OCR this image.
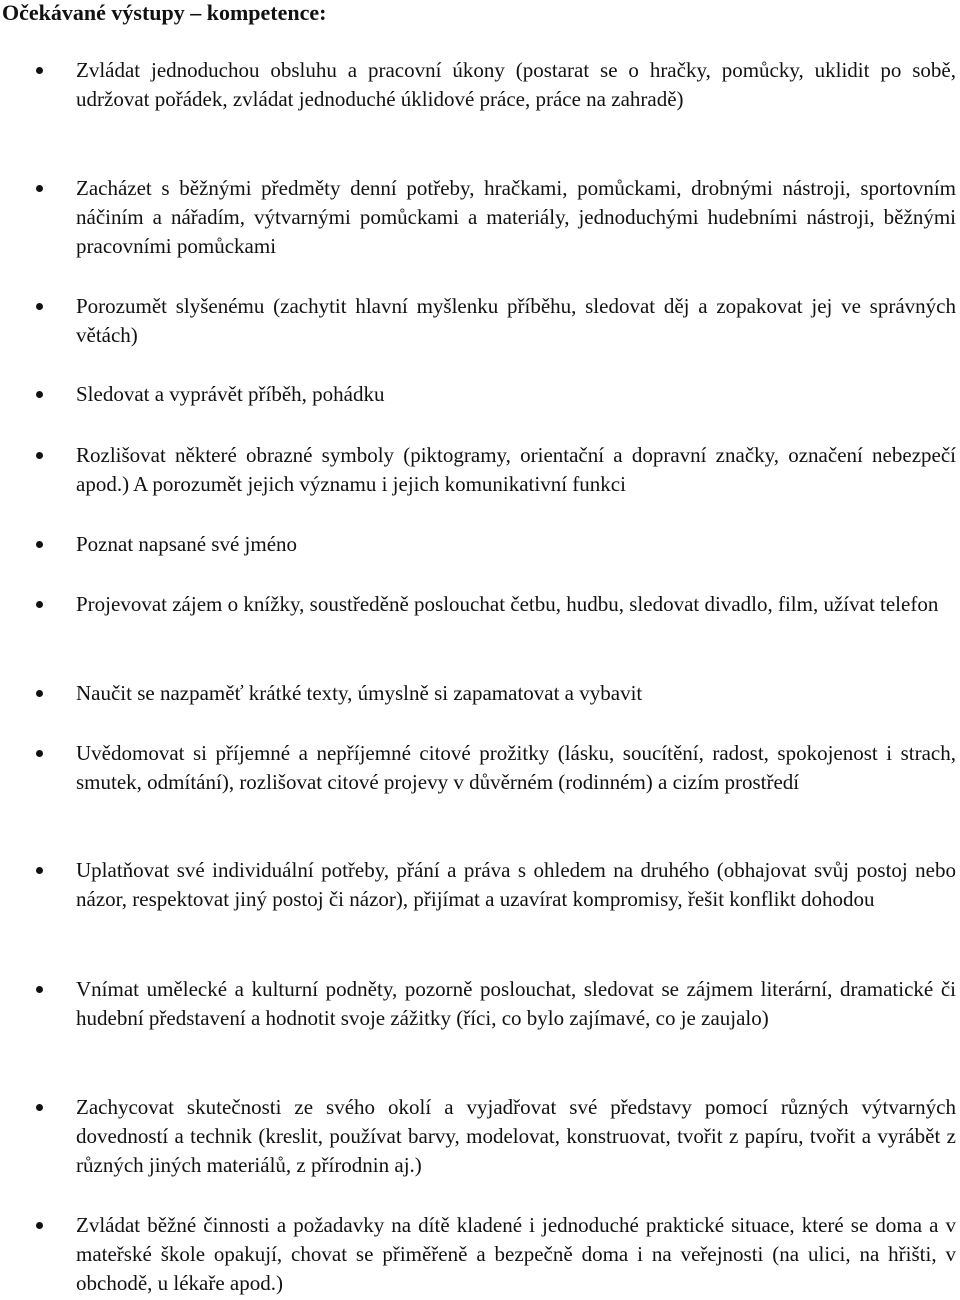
Očekávané výstupy – kompetence:
Zvládat jednoduchou obsluhu a pracovní úkony (postarat se o hračky, pomůcky, uklidit po sobě, udržovat pořádek, zvládat jednoduché úklidové práce, práce na zahradě)
Zacházet s běžnými předměty denní potřeby, hračkami, pomůckami, drobnými nástroji, sportovním náčiním a nářadím, výtvarnými pomůckami a materiály, jednoduchými hudebními nástroji, běžnými pracovními pomůckami
Porozumět slyšenému (zachytit hlavní myšlenku příběhu, sledovat děj a zopakovat jej ve správných větách)
Sledovat a vyprávět příběh, pohádku
Rozlišovat některé obrazné symboly (piktogramy, orientační a dopravní značky, označení nebezpečí apod.) A porozumět jejich významu i jejich komunikativní funkci
Poznat napsané své jméno
Projevovat zájem o knížky, soustředěně poslouchat četbu, hudbu, sledovat divadlo, film, užívat telefon
Naučit se nazpaměť krátké texty, úmyslně si zapamatovat a vybavit
Uvědomovat si příjemné a nepříjemné citové prožitky (lásku, soucítění, radost, spokojenost i strach, smutek, odmítání), rozlišovat citové projevy v důvěrném (rodinném) a cizím prostředí
Uplatňovat své individuální potřeby, přání a práva s ohledem na druhého (obhajovat svůj postoj nebo názor, respektovat jiný postoj či názor), přijímat a uzavírat kompromisy, řešit konflikt dohodou
Vnímat umělecké a kulturní podněty, pozorně poslouchat, sledovat se zájmem literární, dramatické či hudební představení a hodnotit svoje zážitky (říci, co bylo zajímavé, co je zaujalo)
Zachycovat skutečnosti ze svého okolí a vyjadřovat své představy pomocí různých výtvarných dovedností a technik (kreslit, používat barvy, modelovat, konstruovat, tvořit z papíru, tvořit a vyrábět z různých jiných materiálů, z přírodnin aj.)
Zvládat běžné činnosti a požadavky na dítě kladené i jednoduché praktické situace, které se doma a v mateřské škole opakují, chovat se přiměřeně a bezpečně doma i na veřejnosti (na ulici, na hřišti, v obchodě, u lékaře apod.)
